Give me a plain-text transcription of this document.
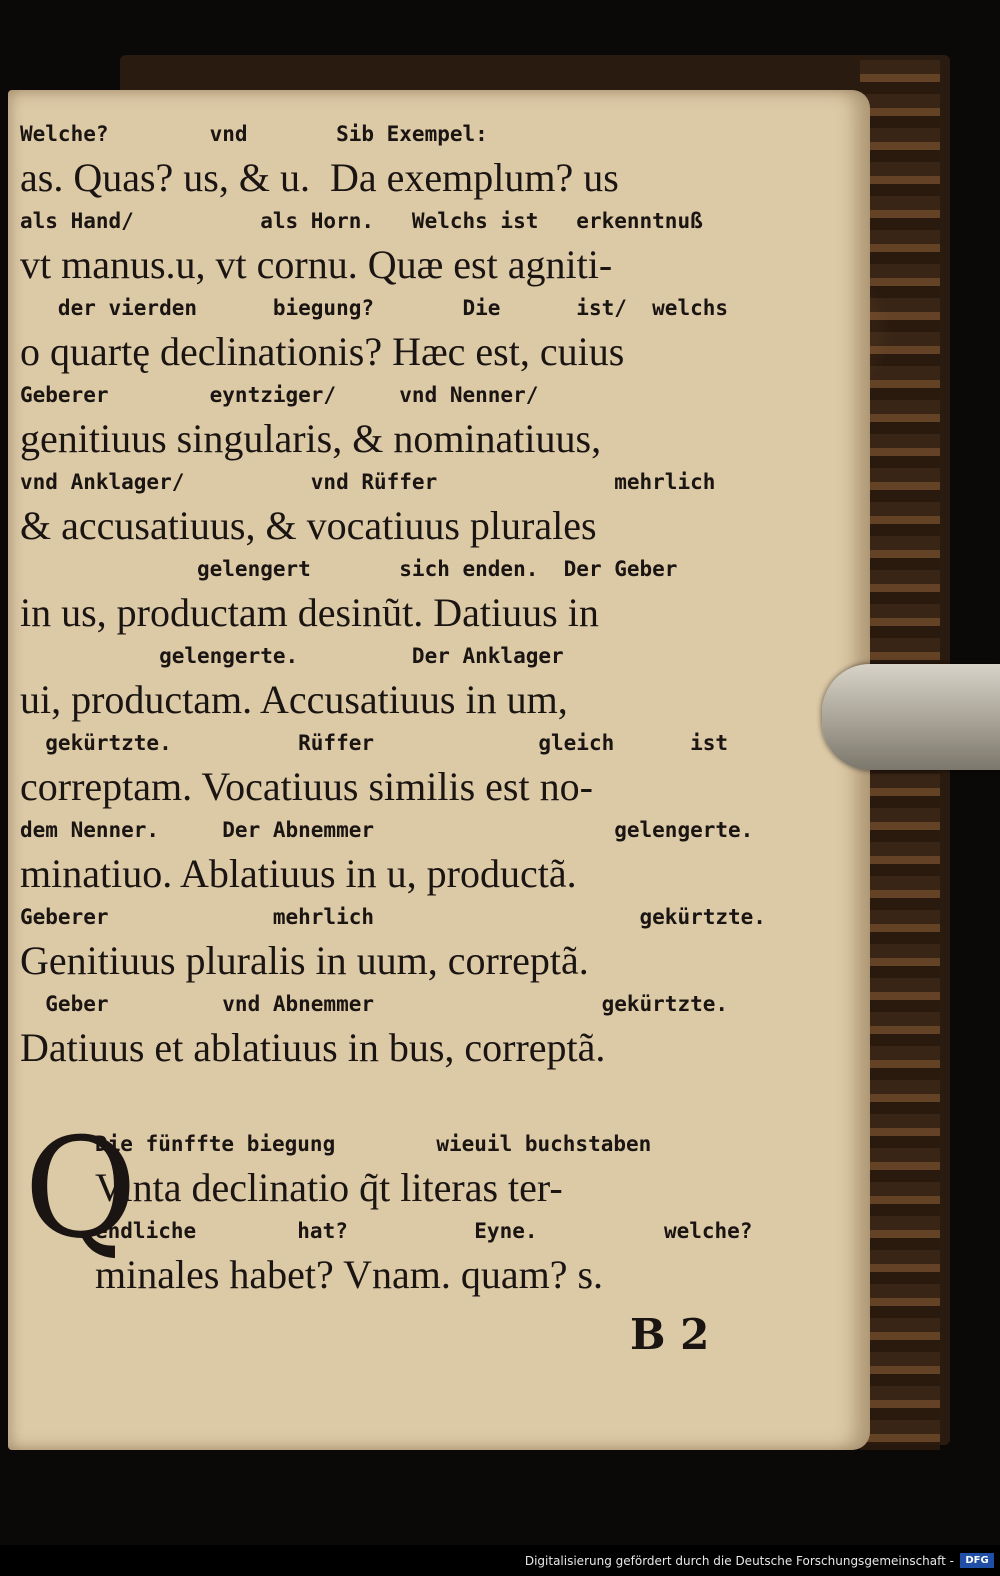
Welche?        vnd       Sib Exempel:
as. Quas? us, & u.  Da exemplum? us
als Hand/          als Horn.   Welchs ist   erkenntnuß
vt manus.u, vt cornu. Quæ est agniti-
der vierden      biegung?       Die      ist/  welchs
o quartę declinationis? Hæc est, cuius
Geberer        eyntziger/     vnd Nenner/
genitiuus singularis, & nominatiuus,
vnd Anklager/          vnd Rüffer              mehrlich
& accusatiuus, & vocatiuus plurales
gelengert       sich enden.  Der Geber
in us, productam desinũt. Datiuus in
gelengerte.         Der Anklager
ui, productam. Accusatiuus in um,
gekürtzte.          Rüffer             gleich      ist
correptam. Vocatiuus similis est no-
dem Nenner.     Der Abnemmer                   gelengerte.
minatiuo. Ablatiuus in u, productã.
Geberer             mehrlich                     gekürtzte.
Genitiuus pluralis in uum, correptã.
Geber         vnd Abnemmer                  gekürtzte.
Datiuus et ablatiuus in bus, correptã.
Q
Die fünffte biegung        wieuil buchstaben
Vinta declinatio q̃t literas ter-
endliche        hat?          Eyne.          welche?
minales habet? Vnam. quam? s.
B 2
Digitalisierung gefördert durch die Deutsche Forschungsgemeinschaft -	DFG
